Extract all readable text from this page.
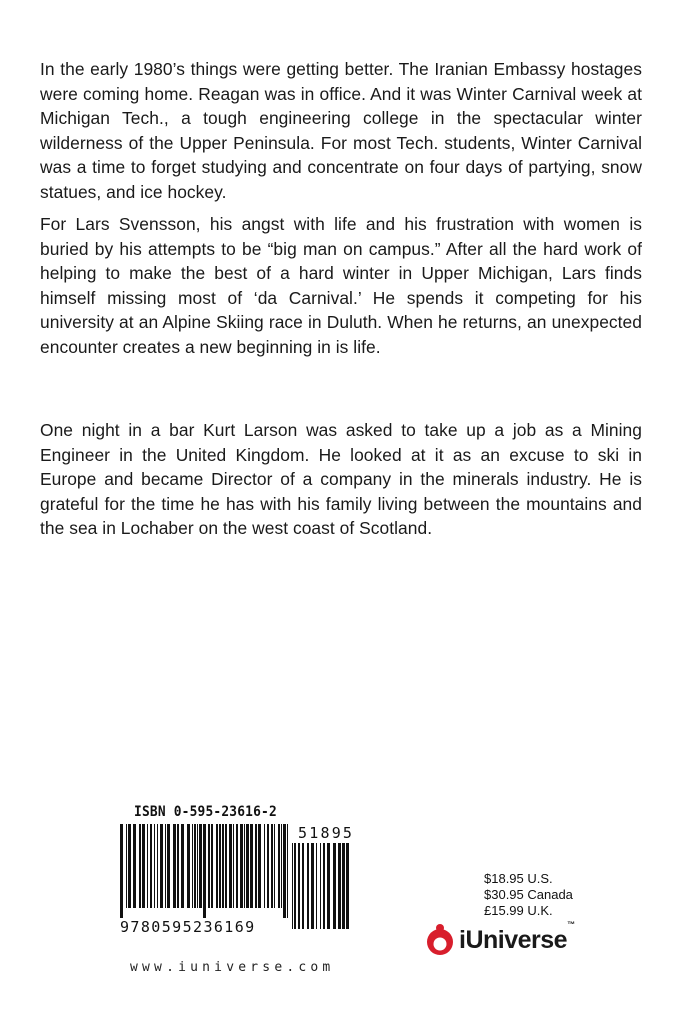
In the early 1980’s things were getting better. The Iranian Embassy hostages were coming home. Reagan was in office. And it was Winter Carnival week at Michigan Tech., a tough engineering college in the spectacular winter wilderness of the Upper Peninsula. For most Tech. students, Winter Carnival was a time to forget studying and concentrate on four days of partying, snow statues, and ice hockey.

For Lars Svensson, his angst with life and his frustration with women is buried by his attempts to be “big man on campus.” After all the hard work of helping to make the best of a hard winter in Upper Michigan, Lars finds himself missing most of ‘da Carnival.’ He spends it competing for his university at an Alpine Skiing race in Duluth. When he returns, an unexpected encounter creates a new beginning in is life.

One night in a bar Kurt Larson was asked to take up a job as a Mining Engineer in the United Kingdom. He looked at it as an excuse to ski in Europe and became Director of a company in the minerals industry. He is grateful for the time he has with his family living between the mountains and the sea in Lochaber on the west coast of Scotland.

ISBN 0-595-23616-2
9780595236169
51895
$18.95 U.S.
$30.95 Canada
£15.99 U.K.
iUniverse™
www.iuniverse.com
